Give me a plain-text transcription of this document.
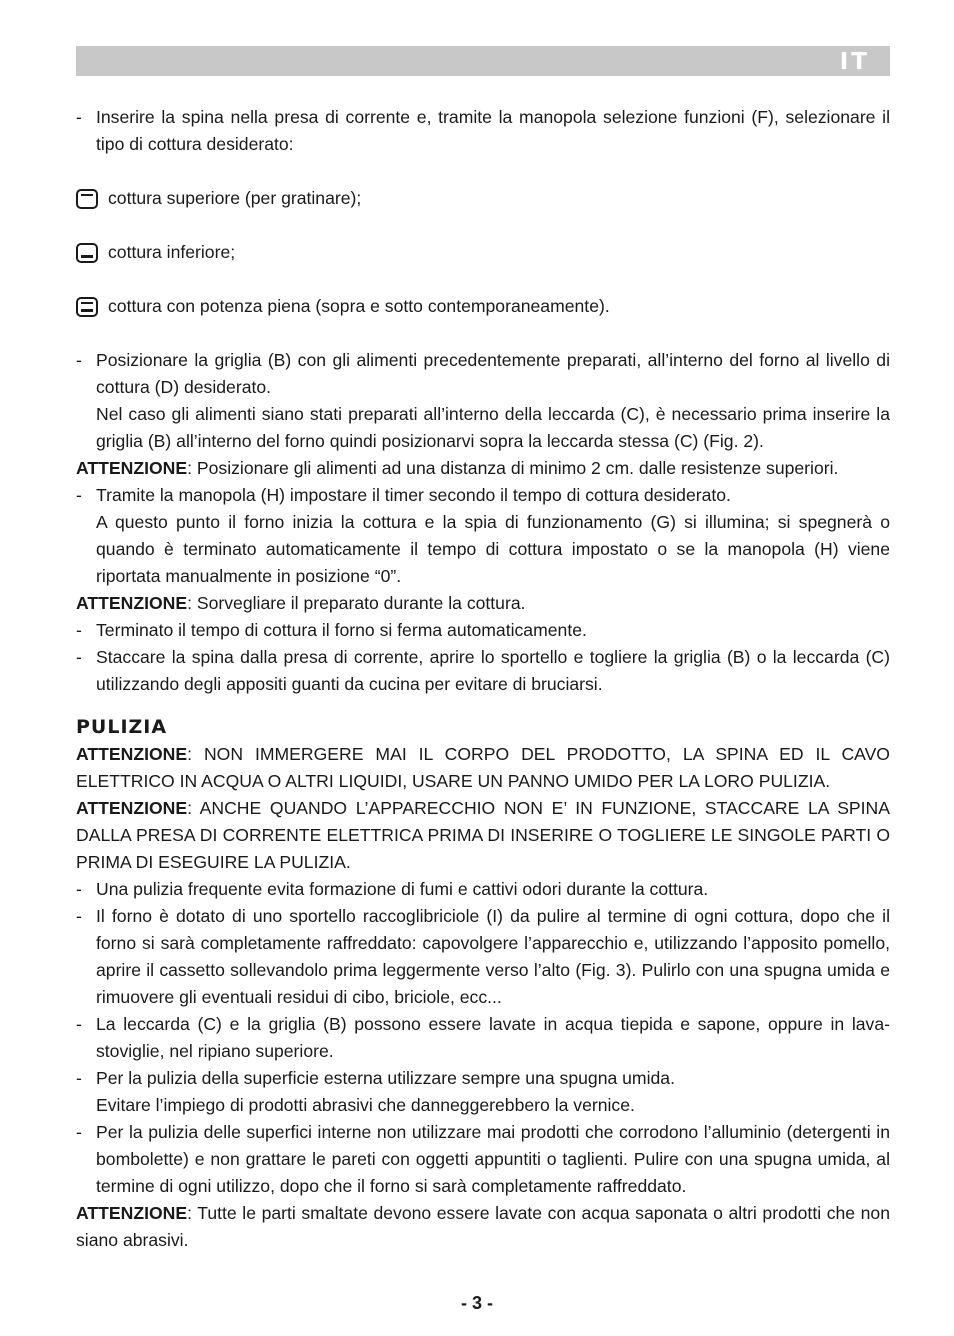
IT

- Inserire la spina nella presa di corrente e, tramite la manopola selezione funzioni (F), selezionare il tipo di cottura desiderato:

cottura superiore (per gratinare);
cottura inferiore;
cottura con potenza piena (sopra e sotto contemporaneamente).

- Posizionare la griglia (B) con gli alimenti precedentemente preparati, all’interno del forno al livello di cottura (D) desiderato.

Nel caso gli alimenti siano stati preparati all’interno della leccarda (C), è necessario prima inserire la griglia (B) all’interno del forno quindi posizionarvi sopra la leccarda stessa (C) (Fig. 2).

ATTENZIONE: Posizionare gli alimenti ad una distanza di minimo 2 cm. dalle resistenze superiori.

- Tramite la manopola (H) impostare il timer secondo il tempo di cottura desiderato.

A questo punto il forno inizia la cottura e la spia di funzionamento (G) si illumina; si spegnerà o quando è terminato automaticamente il tempo di cottura impostato o se la manopola (H) viene riportata manualmente in posizione “0”.

ATTENZIONE: Sorvegliare il preparato durante la cottura.

- Terminato il tempo di cottura il forno si ferma automaticamente.

- Staccare la spina dalla presa di corrente, aprire lo sportello e togliere la griglia (B) o la leccarda (C) utilizzando degli appositi guanti da cucina per evitare di bruciarsi.

PULIZIA

ATTENZIONE: NON IMMERGERE MAI IL CORPO DEL PRODOTTO, LA SPINA ED IL CAVO ELETTRICO IN ACQUA O ALTRI LIQUIDI, USARE UN PANNO UMIDO PER LA LORO PULIZIA.

ATTENZIONE: ANCHE QUANDO L’APPARECCHIO NON E’ IN FUNZIONE, STACCARE LA SPINA DALLA PRESA DI CORRENTE ELETTRICA PRIMA DI INSERIRE O TOGLIERE LE SINGOLE PARTI O PRIMA DI ESEGUIRE LA PULIZIA.

- Una pulizia frequente evita formazione di fumi e cattivi odori durante la cottura.

- Il forno è dotato di uno sportello raccoglibriciole (I) da pulire al termine di ogni cottura, dopo che il forno si sarà completamente raffreddato: capovolgere l’apparecchio e, utilizzando l’apposito pomello, aprire il cassetto sollevandolo prima leggermente verso l’alto (Fig. 3). Pulirlo con una spugna umida e rimuovere gli eventuali residui di cibo, briciole, ecc...

- La leccarda (C) e la griglia (B) possono essere lavate in acqua tiepida e sapone, oppure in lava-stoviglie, nel ripiano superiore.

- Per la pulizia della superficie esterna utilizzare sempre una spugna umida.

Evitare l’impiego di prodotti abrasivi che danneggerebbero la vernice.

- Per la pulizia delle superfici interne non utilizzare mai prodotti che corrodono l’alluminio (detergenti in bombolette) e non grattare le pareti con oggetti appuntiti o taglienti. Pulire con una spugna umida, al termine di ogni utilizzo, dopo che il forno si sarà completamente raffreddato.

ATTENZIONE: Tutte le parti smaltate devono essere lavate con acqua saponata o altri prodotti che non siano abrasivi.

- 3 -
